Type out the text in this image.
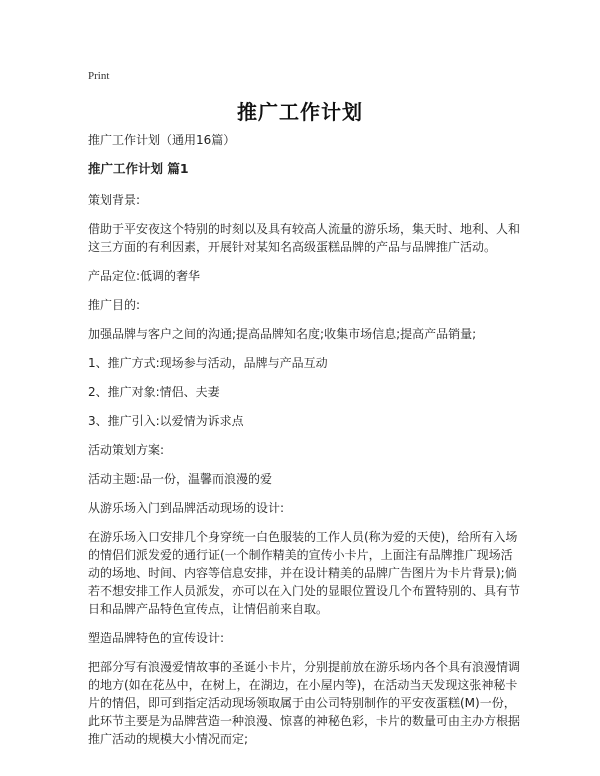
Print
推广工作计划

推广工作计划（通用16篇）

推广工作计划 篇1

策划背景:

借助于平安夜这个特别的时刻以及具有较高人流量的游乐场，集天时、地利、人和
这三方面的有利因素，开展针对某知名高级蛋糕品牌的产品与品牌推广活动。

产品定位:低调的奢华

推广目的:

加强品牌与客户之间的沟通;提高品牌知名度;收集市场信息;提高产品销量;

1、推广方式:现场参与活动，品牌与产品互动

2、推广对象:情侣、夫妻

3、推广引入:以爱情为诉求点

活动策划方案:

活动主题:品一份，温馨而浪漫的爱

从游乐场入门到品牌活动现场的设计:

在游乐场入口安排几个身穿统一白色服装的工作人员(称为爱的天使)，给所有入场
的情侣们派发爱的通行证(一个制作精美的宣传小卡片，上面注有品牌推广现场活
动的场地、时间、内容等信息安排，并在设计精美的品牌广告图片为卡片背景);倘
若不想安排工作人员派发，亦可以在入门处的显眼位置设几个布置特别的、具有节
日和品牌产品特色宣传点，让情侣前来自取。

塑造品牌特色的宣传设计:

把部分写有浪漫爱情故事的圣诞小卡片，分别提前放在游乐场内各个具有浪漫情调
的地方(如在花丛中，在树上，在湖边，在小屋内等)，在活动当天发现这张神秘卡
片的情侣，即可到指定活动现场领取属于由公司特别制作的平安夜蛋糕(M)一份，
此环节主要是为品牌营造一种浪漫、惊喜的神秘色彩，卡片的数量可由主办方根据
推广活动的规模大小情况而定;
